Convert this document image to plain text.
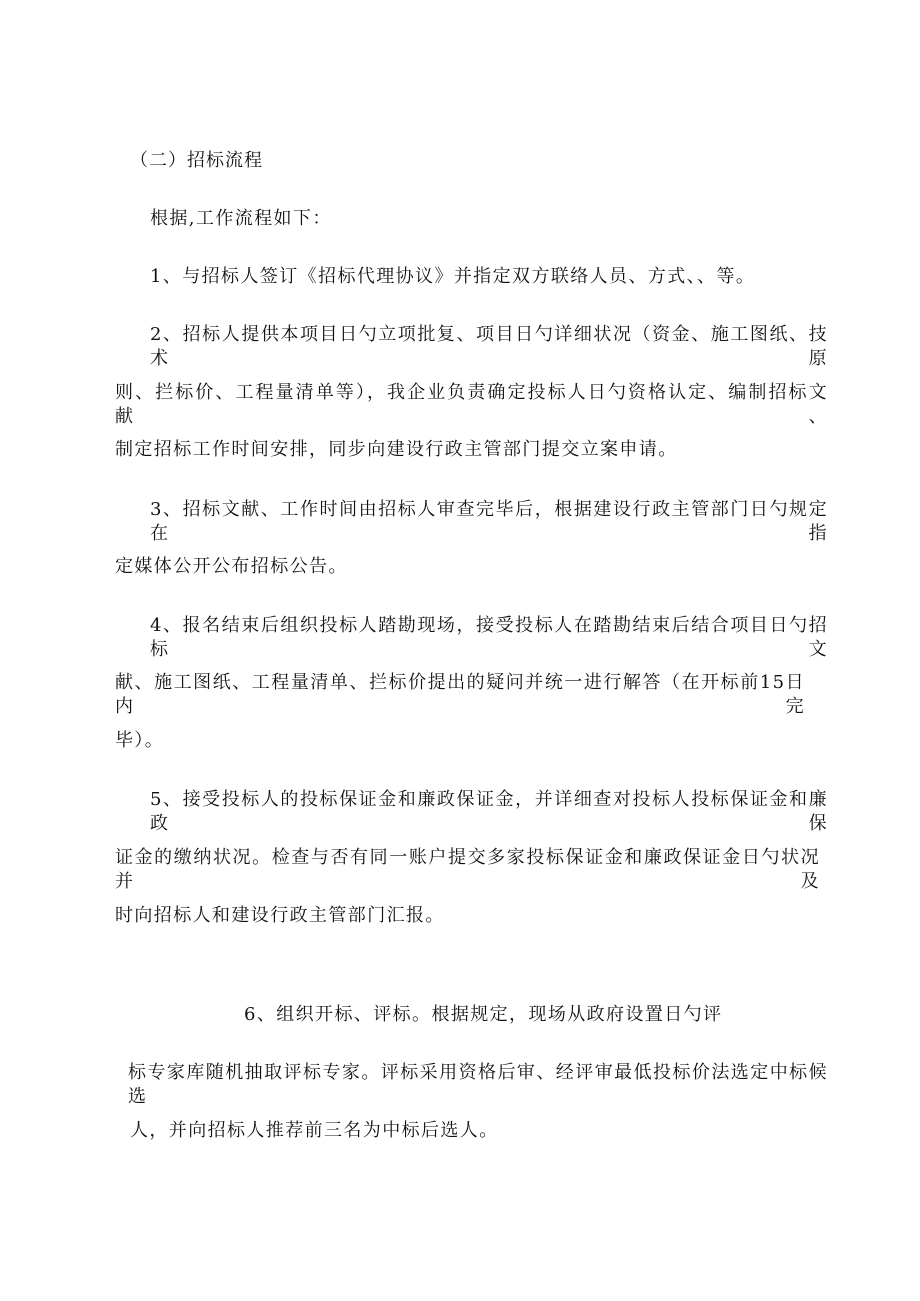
（二）招标流程
根据,工作流程如下：
1、与招标人签订《招标代理协议》并指定双方联络人员、方式、、等。
2、招标人提供本项目日勺立项批复、项目日勺详细状况（资金、施工图纸、技术原
则、拦标价、工程量清单等），我企业负责确定投标人日勺资格认定、编制招标文献、
制定招标工作时间安排，同步向建设行政主管部门提交立案申请。
3、招标文献、工作时间由招标人审查完毕后，根据建设行政主管部门日勺规定在指
定媒体公开公布招标公告。
4、报名结束后组织投标人踏勘现场，接受投标人在踏勘结束后结合项目日勺招标文
献、施工图纸、工程量清单、拦标价提出的疑问并统一进行解答（在开标前15日内完
毕）。
5、接受投标人的投标保证金和廉政保证金，并详细查对投标人投标保证金和廉政保
证金的缴纳状况。检查与否有同一账户提交多家投标保证金和廉政保证金日勺状况并及
时向招标人和建设行政主管部门汇报。
6、组织开标、评标。根据规定，现场从政府设置日勺评
标专家库随机抽取评标专家。评标采用资格后审、经评审最低投标价法选定中标候选
人，并向招标人推荐前三名为中标后选人。
